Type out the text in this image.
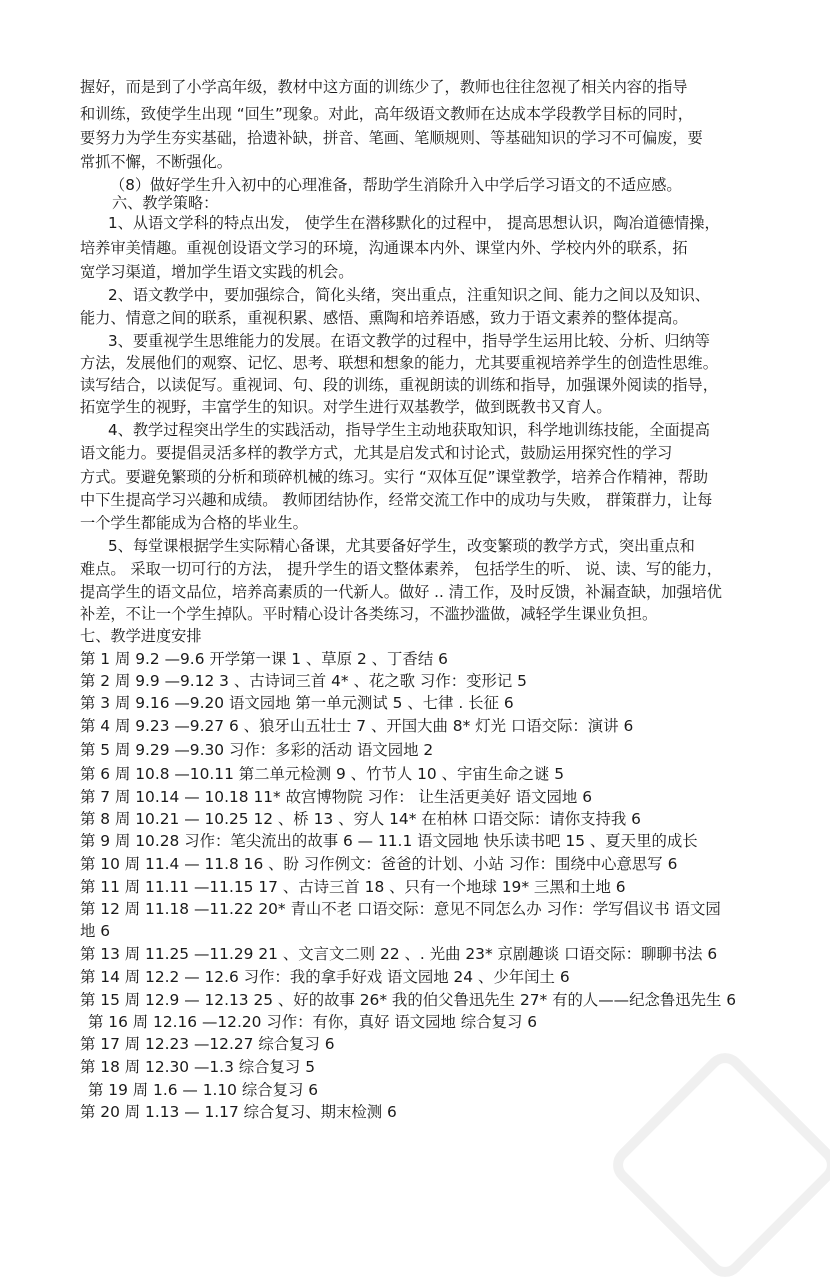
握好，而是到了小学高年级，教材中这方面的训练少了，教师也往往忽视了相关内容的指导
和训练，致使学生出现 “回生”现象。对此，高年级语文教师在达成本学段教学目标的同时，
要努力为学生夯实基础，拾遗补缺，拼音、笔画、笔顺规则、等基础知识的学习不可偏废，要
常抓不懈，不断强化。
（8）做好学生升入初中的心理准备，帮助学生消除升入中学后学习语文的不适应感。
六、教学策略：
1、从语文学科的特点出发， 使学生在潜移默化的过程中， 提高思想认识，陶冶道德情操，
培养审美情趣。重视创设语文学习的环境，沟通课本内外、课堂内外、学校内外的联系，拓
宽学习渠道，增加学生语文实践的机会。
2、语文教学中，要加强综合，简化头绪，突出重点，注重知识之间、能力之间以及知识、
能力、情意之间的联系，重视积累、感悟、熏陶和培养语感，致力于语文素养的整体提高。
3、要重视学生思维能力的发展。在语文教学的过程中，指导学生运用比较、分析、归纳等
方法，发展他们的观察、记忆、思考、联想和想象的能力，尤其要重视培养学生的创造性思维。
读写结合，以读促写。重视词、句、段的训练，重视朗读的训练和指导，加强课外阅读的指导，
拓宽学生的视野，丰富学生的知识。对学生进行双基教学，做到既教书又育人。
4、教学过程突出学生的实践活动，指导学生主动地获取知识，科学地训练技能，全面提高
语文能力。要提倡灵活多样的教学方式，尤其是启发式和讨论式，鼓励运用探究性的学习
方式。要避免繁琐的分析和琐碎机械的练习。实行 “双体互促”课堂教学，培养合作精神，帮助
中下生提高学习兴趣和成绩。 教师团结协作，经常交流工作中的成功与失败， 群策群力，让每
一个学生都能成为合格的毕业生。
5、每堂课根据学生实际精心备课，尤其要备好学生，改变繁琐的教学方式，突出重点和
难点。 采取一切可行的方法， 提升学生的语文整体素养， 包括学生的听、 说、读、写的能力，
提高学生的语文品位，培养高素质的一代新人。做好 .. 清工作，及时反馈，补漏查缺，加强培优
补差，不让一个学生掉队。平时精心设计各类练习，不滥抄滥做，减轻学生课业负担。
七、教学进度安排
第 1 周 9.2 —9.6 开学第一课 1 、草原 2 、丁香结 6
第 2 周 9.9 —9.12 3 、古诗词三首 4* 、花之歌 习作：变形记 5
第 3 周 9.16 —9.20 语文园地 第一单元测试 5 、七律 . 长征 6
第 4 周 9.23 —9.27 6 、狼牙山五壮士 7 、开国大曲 8* 灯光 口语交际：演讲 6
第 5 周 9.29 —9.30 习作：多彩的活动 语文园地 2
第 6 周 10.8 —10.11 第二单元检测 9 、竹节人 10 、宇宙生命之谜 5
第 7 周 10.14 — 10.18 11* 故宫博物院 习作： 让生活更美好 语文园地 6
第 8 周 10.21 — 10.25 12 、桥 13 、穷人 14* 在柏林 口语交际：请你支持我 6
第 9 周 10.28 习作：笔尖流出的故事 6 — 11.1 语文园地 快乐读书吧 15 、夏天里的成长
第 10 周 11.4 — 11.8 16 、盼 习作例文：爸爸的计划、小站 习作：围绕中心意思写 6
第 11 周 11.11 —11.15 17 、古诗三首 18 、只有一个地球 19* 三黑和土地 6
第 12 周 11.18 —11.22 20* 青山不老 口语交际：意见不同怎么办 习作：学写倡议书 语文园
地 6
第 13 周 11.25 —11.29 21 、文言文二则 22 、. 光曲 23* 京剧趣谈 口语交际：聊聊书法 6
第 14 周 12.2 — 12.6 习作：我的拿手好戏 语文园地 24 、少年闰土 6
第 15 周 12.9 — 12.13 25 、好的故事 26* 我的伯父鲁迅先生 27* 有的人——纪念鲁迅先生 6
第 16 周 12.16 —12.20 习作：有你，真好 语文园地 综合复习 6
第 17 周 12.23 —12.27 综合复习 6
第 18 周 12.30 —1.3 综合复习 5
第 19 周 1.6 — 1.10 综合复习 6
第 20 周 1.13 — 1.17 综合复习、期末检测 6
